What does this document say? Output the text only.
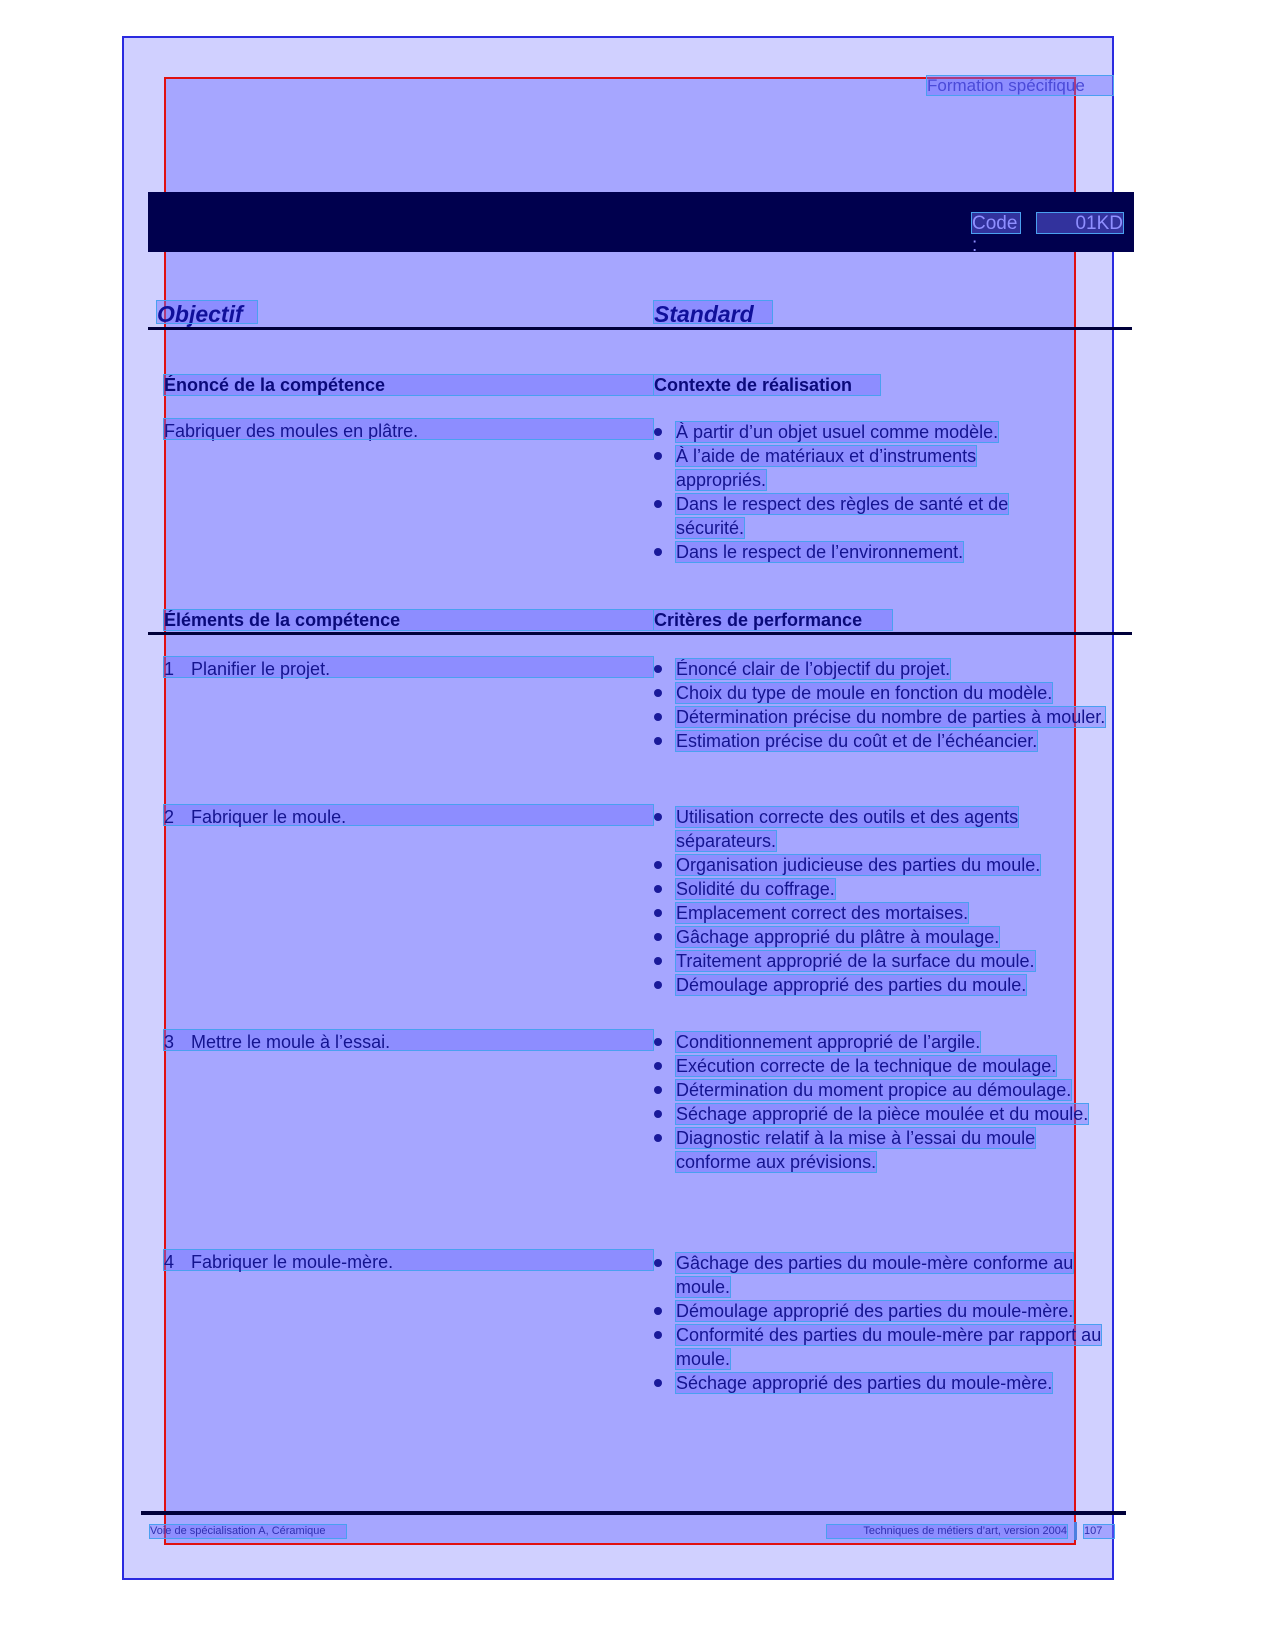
Formation spécifique
Code :
01KD
Objectif	Standard
Énoncé de la compétence	Contexte de réalisation
Fabriquer des moules en plâtre.	À partir d’un objet usuel comme modèle.
À l’aide de matériaux et d’instruments appropriés.
Dans le respect des règles de santé et de sécurité.
Dans le respect de l’environnement.
Éléments de la compétence	Critères de performance
1 Planifier le projet.	Énoncé clair de l’objectif du projet.
Choix du type de moule en fonction du modèle.
Détermination précise du nombre de parties à mouler.
Estimation précise du coût et de l’échéancier.
2 Fabriquer le moule.	Utilisation correcte des outils et des agents séparateurs.
Organisation judicieuse des parties du moule.
Solidité du coffrage.
Emplacement correct des mortaises.
Gâchage approprié du plâtre à moulage.
Traitement approprié de la surface du moule.
Démoulage approprié des parties du moule.
3 Mettre le moule à l’essai.	Conditionnement approprié de l’argile.
Exécution correcte de la technique de moulage.
Détermination du moment propice au démoulage.
Séchage approprié de la pièce moulée et du moule.
Diagnostic relatif à la mise à l’essai du moule conforme aux prévisions.
4 Fabriquer le moule-mère.	Gâchage des parties du moule-mère conforme au moule.
Démoulage approprié des parties du moule-mère.
Conformité des parties du moule-mère par rapport au moule.
Séchage approprié des parties du moule-mère.
Voie de spécialisation A, Céramique	Techniques de métiers d’art, version 2004 107
